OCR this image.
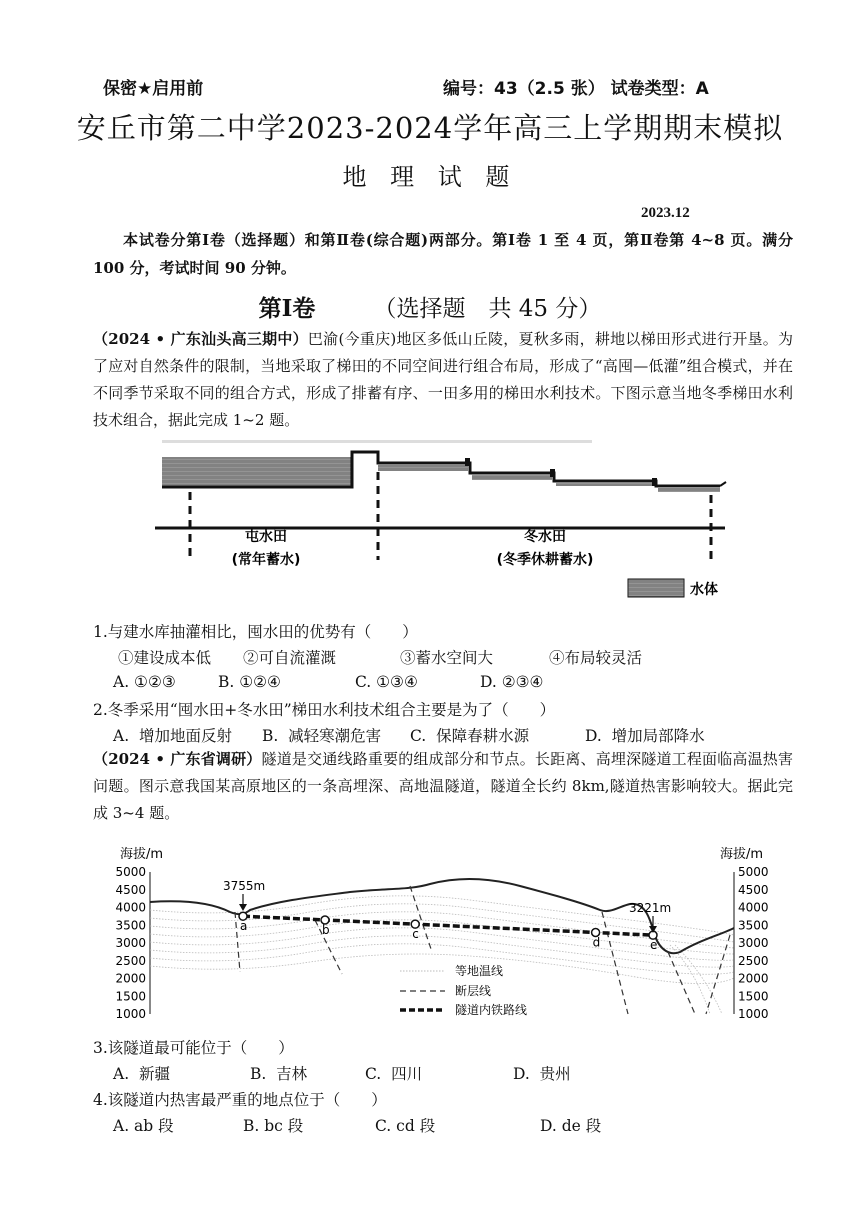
保密★启用前	编号：43（2.5 张） 试卷类型：A
安丘市第二中学2023-2024学年高三上学期期末模拟
地 理 试 题
2023.12
本试卷分第Ⅰ卷（选择题）和第Ⅱ卷(综合题)两部分。第Ⅰ卷 1 至 4 页，第Ⅱ卷第 4~8 页。满分 100 分，考试时间 90 分钟。
第Ⅰ卷	（选择题　共 45 分）
（2024 • 广东汕头高三期中）巴渝(今重庆)地区多低山丘陵，夏秋多雨，耕地以梯田形式进行开垦。为了应对自然条件的限制，当地采取了梯田的不同空间进行组合布局，形成了“高囤—低灌”组合模式，并在不同季节采取不同的组合方式，形成了排蓄有序、一田多用的梯田水利技术。下图示意当地冬季梯田水利技术组合，据此完成 1~2 题。
屯水田
(常年蓄水)
冬水田
(冬季休耕蓄水)
水体
1.与建水库抽灌相比，囤水田的优势有（　　）
①建设成本低 ②可自流灌溉	③蓄水空间大	④布局较灵活
A. ①②③	B. ①②④	C. ①③④	D. ②③④
2.冬季采用“囤水田+冬水田”梯田水利技术组合主要是为了（　　）
A.  增加地面反射 B.  减轻寒潮危害 C.  保障春耕水源	D.  增加局部降水
（2024 • 广东省调研）隧道是交通线路重要的组成部分和节点。长距离、高埋深隧道工程面临高温热害问题。图示意我国某高原地区的一条高埋深、高地温隧道，隧道全长约 8km,隧道热害影响较大。据此完成 3~4 题。
海拔/m	海拔/m
5000
4500
4000
3500
3000
2500
2000
1500
1000
5000
4500
4000
3500
3000
2500
2000
1500
1000
a	b	c
d	e
3755m
3221m
等地温线
断层线
隧道内铁路线
3.该隧道最可能位于（　　）
A.  新疆	B.  吉林	C.  四川	D.  贵州
4.该隧道内热害最严重的地点位于（　　）
A. ab 段	B. bc 段	C. cd 段	D. de 段
